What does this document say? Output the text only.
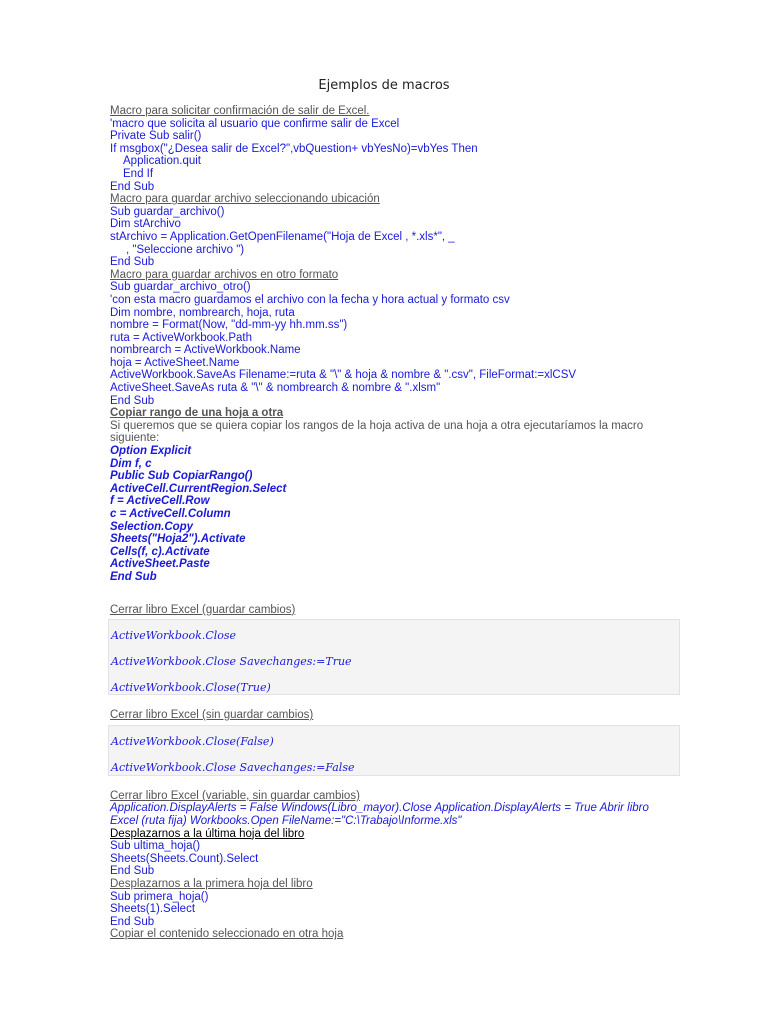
Ejemplos de macros

Macro para solicitar confirmación de salir de Excel.

'macro que solicita al usuario que confirme salir de Excel

Private Sub salir()

If msgbox("¿Desea salir de Excel?",vbQuestion+ vbYesNo)=vbYes Then

Application.quit

End If

End Sub

Macro para guardar archivo seleccionando ubicación

Sub guardar_archivo()

Dim stArchivo

stArchivo = Application.GetOpenFilename("Hoja de Excel , *.xls*", _

, "Seleccione archivo ")

End Sub

Macro para guardar archivos en otro formato

Sub guardar_archivo_otro()

'con esta macro guardamos el archivo con la fecha y hora actual y formato csv

Dim nombre, nombrearch, hoja, ruta

nombre = Format(Now, "dd-mm-yy hh.mm.ss")

ruta = ActiveWorkbook.Path

nombrearch = ActiveWorkbook.Name

hoja = ActiveSheet.Name

ActiveWorkbook.SaveAs Filename:=ruta & "\" & hoja & nombre & ".csv", FileFormat:=xlCSV

ActiveSheet.SaveAs ruta & "\" & nombrearch & nombre & ".xlsm"

End Sub

Copiar rango de una hoja a otra

Si queremos que se quiera copiar los rangos de la hoja activa de una hoja a otra ejecutaríamos la macro siguiente:

Option Explicit

Dim f, c

Public Sub CopiarRango()

ActiveCell.CurrentRegion.Select

f = ActiveCell.Row

c = ActiveCell.Column

Selection.Copy

Sheets("Hoja2").Activate

Cells(f, c).Activate

ActiveSheet.Paste

End Sub

Cerrar libro Excel (guardar cambios)

ActiveWorkbook.Close

ActiveWorkbook.Close Savechanges:=True

ActiveWorkbook.Close(True)

Cerrar libro Excel (sin guardar cambios)

ActiveWorkbook.Close(False)

ActiveWorkbook.Close Savechanges:=False

Cerrar libro Excel (variable, sin guardar cambios)

Application.DisplayAlerts = False Windows(Libro_mayor).Close Application.DisplayAlerts = True Abrir libro Excel (ruta fija) Workbooks.Open FileName:="C:\Trabajo\Informe.xls"

Desplazarnos a la última hoja del libro

Sub ultima_hoja()

Sheets(Sheets.Count).Select

End Sub

Desplazarnos a la primera hoja del libro

Sub primera_hoja()

Sheets(1).Select

End Sub

Copiar el contenido seleccionado en otra hoja
